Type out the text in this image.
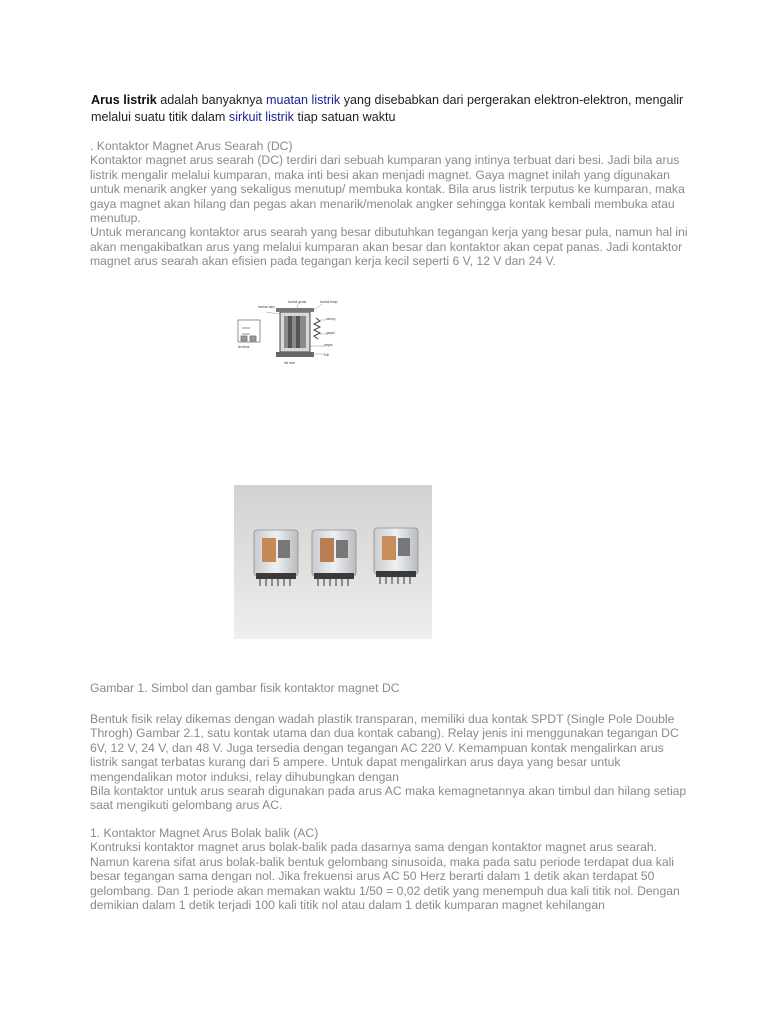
Arus listrik adalah banyaknya muatan listrik yang disebabkan dari pergerakan elektron-elektron, mengalir melalui suatu titik dalam sirkuit listrik tiap satuan waktu

. Kontaktor Magnet Arus Searah (DC)

Kontaktor magnet arus searah (DC) terdiri dari sebuah kumparan yang intinya terbuat dari besi. Jadi bila arus listrik mengalir melalui kumparan, maka inti besi akan menjadi magnet. Gaya magnet inilah yang digunakan untuk menarik angker yang sekaligus menutup/ membuka kontak. Bila arus listrik terputus ke kumparan, maka gaya magnet akan hilang dan pegas akan menarik/menolak angker sehingga kontak kembali membuka atau menutup.

Untuk merancang kontaktor arus searah yang besar dibutuhkan tegangan kerja yang besar pula, namun hal ini akan mengakibatkan arus yang melalui kumparan akan besar dan kontaktor akan cepat panas. Jadi kontaktor magnet arus searah akan efisien pada tegangan kerja kecil seperti 6 V, 12 V dan 24 V.

lumbar dam
kontak gerak	kontak tetap
sekrup
ganjal
pegas
bolt
inti besi
terminal

Gambar 1. Simbol dan gambar fisik kontaktor magnet DC

Bentuk fisik relay dikemas dengan wadah plastik transparan, memiliki dua kontak SPDT (Single Pole Double Throgh) Gambar 2.1, satu kontak utama dan dua kontak cabang). Relay jenis ini menggunakan tegangan DC 6V, 12 V, 24 V, dan 48 V. Juga tersedia dengan tegangan AC 220 V. Kemampuan kontak mengalirkan arus listrik sangat terbatas kurang dari 5 ampere. Untuk dapat mengalirkan arus daya yang besar untuk mengendalikan motor induksi, relay dihubungkan dengan

Bila kontaktor untuk arus searah digunakan pada arus AC maka kemagnetannya akan timbul dan hilang setiap saat mengikuti gelombang arus AC.

1. Kontaktor Magnet Arus Bolak balik (AC)

Kontruksi kontaktor magnet arus bolak-balik pada dasarnya sama dengan kontaktor magnet arus searah. Namun karena sifat arus bolak-balik bentuk gelombang sinusoida, maka pada satu periode terdapat dua kali besar tegangan sama dengan nol. Jika frekuensi arus AC 50 Herz berarti dalam 1 detik akan terdapat 50 gelombang. Dan 1 periode akan memakan waktu 1/50 = 0,02 detik yang menempuh dua kali titik nol. Dengan demikian dalam 1 detik terjadi 100 kali titik nol atau dalam 1 detik kumparan magnet kehilangan
